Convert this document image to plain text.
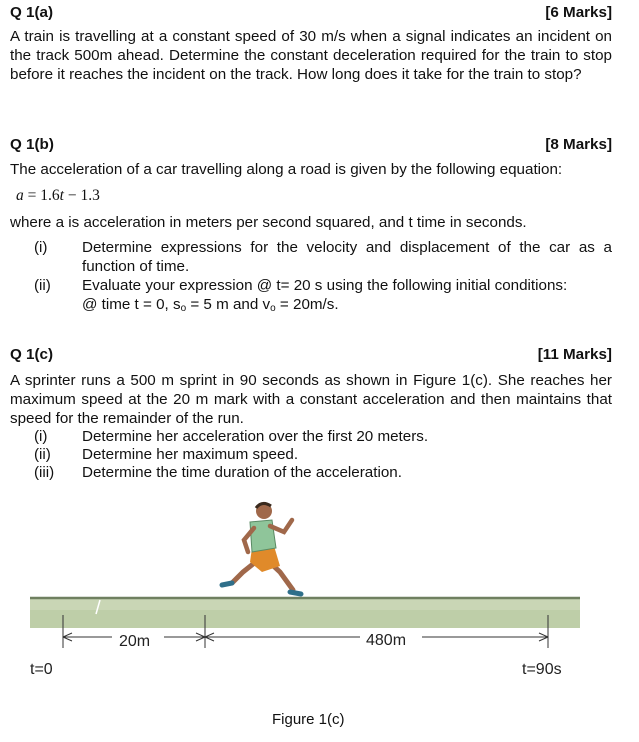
Q 1(a)	[6 Marks]
A train is travelling at a constant speed of 30 m/s when a signal indicates an incident on the track 500m ahead. Determine the constant deceleration required for the train to stop before it reaches the incident on the track. How long does it take for the train to stop?
Q 1(b)	[8 Marks]
The acceleration of a car travelling along a road is given by the following equation:
a = 1.6t − 1.3
where a is acceleration in meters per second squared, and t time in seconds.
(i)	Determine expressions for the velocity and displacement of the car as a function of time.
(ii)	Evaluate your expression @ t= 20 s using the following initial conditions:
@ time t = 0, so = 5 m and vo = 20m/s.
Q 1(c)	[11 Marks]
A sprinter runs a 500 m sprint in 90 seconds as shown in Figure 1(c). She reaches her maximum speed at the 20 m mark with a constant acceleration and then maintains that speed for the remainder of the run.
(i)	Determine her acceleration over the first 20 meters.
(ii)	Determine her maximum speed.
(iii)	Determine the time duration of the acceleration.
20m	480m
t=0	t=90s
Figure 1(c)
